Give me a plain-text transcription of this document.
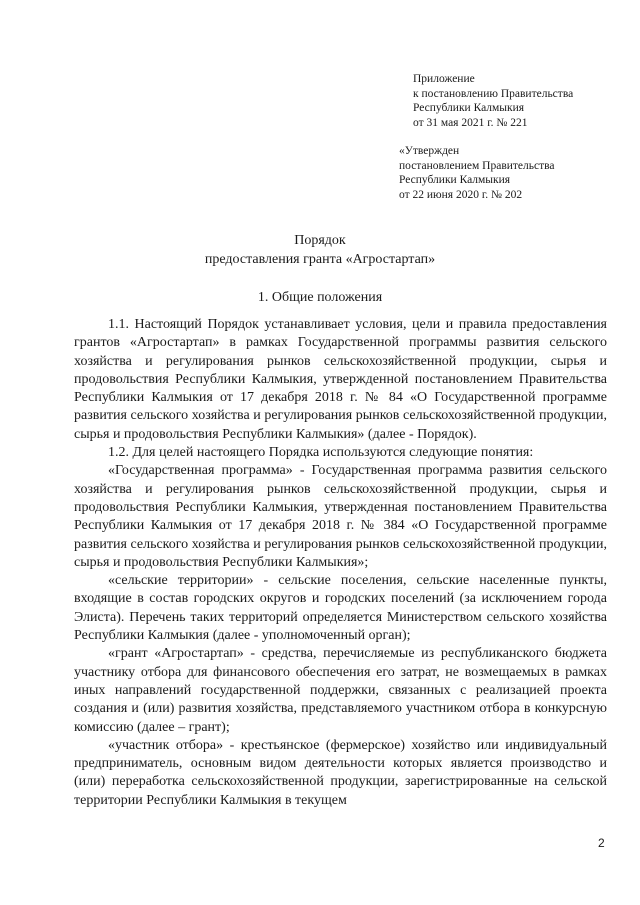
Приложение
к постановлению Правительства
Республики Калмыкия
от 31 мая 2021 г. № 221
«Утвержден
постановлением Правительства
Республики Калмыкия
от 22 июня 2020 г. № 202
Порядок
предоставления гранта «Агростартап»
1. Общие положения

1.1. Настоящий Порядок устанавливает условия, цели и правила предоставления грантов «Агростартап» в рамках Государственной программы развития сельского хозяйства и регулирования рынков сельскохозяйственной продукции, сырья и продовольствия Республики Калмыкия, утвержденной постановлением Правительства Республики Калмыкия от 17 декабря 2018 г. № 84 «О Государственной программе развития сельского хозяйства и регулирования рынков сельскохозяйственной продукции, сырья и продовольствия Республики Калмыкия» (далее - Порядок).

1.2. Для целей настоящего Порядка используются следующие понятия:

«Государственная программа» - Государственная программа развития сельского хозяйства и регулирования рынков сельскохозяйственной продукции, сырья и продовольствия Республики Калмыкия, утвержденная постановлением Правительства Республики Калмыкия от 17 декабря 2018 г. № 384 «О Государственной программе развития сельского хозяйства и регулирования рынков сельскохозяйственной продукции, сырья и продовольствия Республики Калмыкия»;

«сельские территории» - сельские поселения, сельские населенные пункты, входящие в состав городских округов и городских поселений (за исключением города Элиста). Перечень таких территорий определяется Министерством сельского хозяйства Республики Калмыкия (далее - уполномоченный орган);

«грант «Агростартап» - средства, перечисляемые из республиканского бюджета участнику отбора для финансового обеспечения его затрат, не возмещаемых в рамках иных направлений государственной поддержки, связанных с реализацией проекта создания и (или) развития хозяйства, представляемого участником отбора в конкурсную комиссию (далее – грант);

«участник отбора» - крестьянское (фермерское) хозяйство или индивидуальный предприниматель, основным видом деятельности которых является производство и (или) переработка сельскохозяйственной продукции, зарегистрированные на сельской территории Республики Калмыкия в текущем

2
